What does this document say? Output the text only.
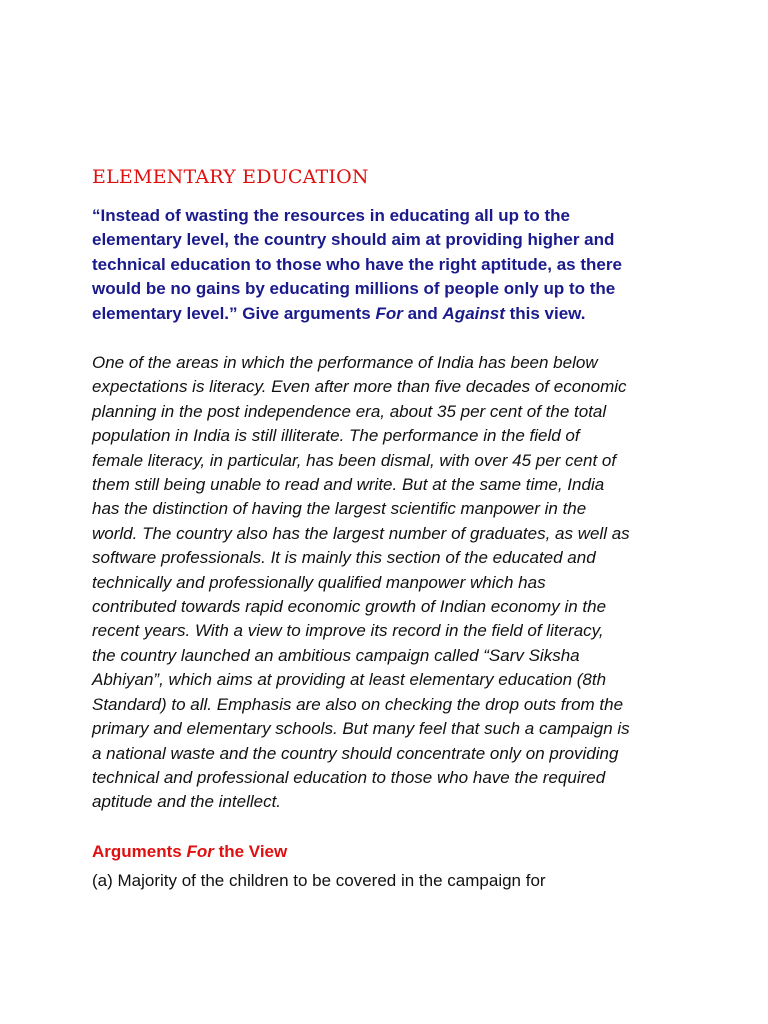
ELEMENTARY EDUCATION

“Instead of wasting the resources in educating all up to the
elementary level, the country should aim at providing higher and
technical education to those who have the right aptitude, as there
would be no gains by educating millions of people only up to the
elementary level.” Give arguments For and Against this view.

One of the areas in which the performance of India has been below
expectations is literacy. Even after more than five decades of economic
planning in the post independence era, about 35 per cent of the total
population in India is still illiterate. The performance in the field of
female literacy, in particular, has been dismal, with over 45 per cent of
them still being unable to read and write. But at the same time, India
has the distinction of having the largest scientific manpower in the
world. The country also has the largest number of graduates, as well as
software professionals. It is mainly this section of the educated and
technically and professionally qualified manpower which has
contributed towards rapid economic growth of Indian economy in the
recent years. With a view to improve its record in the field of literacy,
the country launched an ambitious campaign called “Sarv Siksha
Abhiyan”, which aims at providing at least elementary education (8th
Standard) to all. Emphasis are also on checking the drop outs from the
primary and elementary schools. But many feel that such a campaign is
a national waste and the country should concentrate only on providing
technical and professional education to those who have the required
aptitude and the intellect.

Arguments For the View

(a) Majority of the children to be covered in the campaign for
